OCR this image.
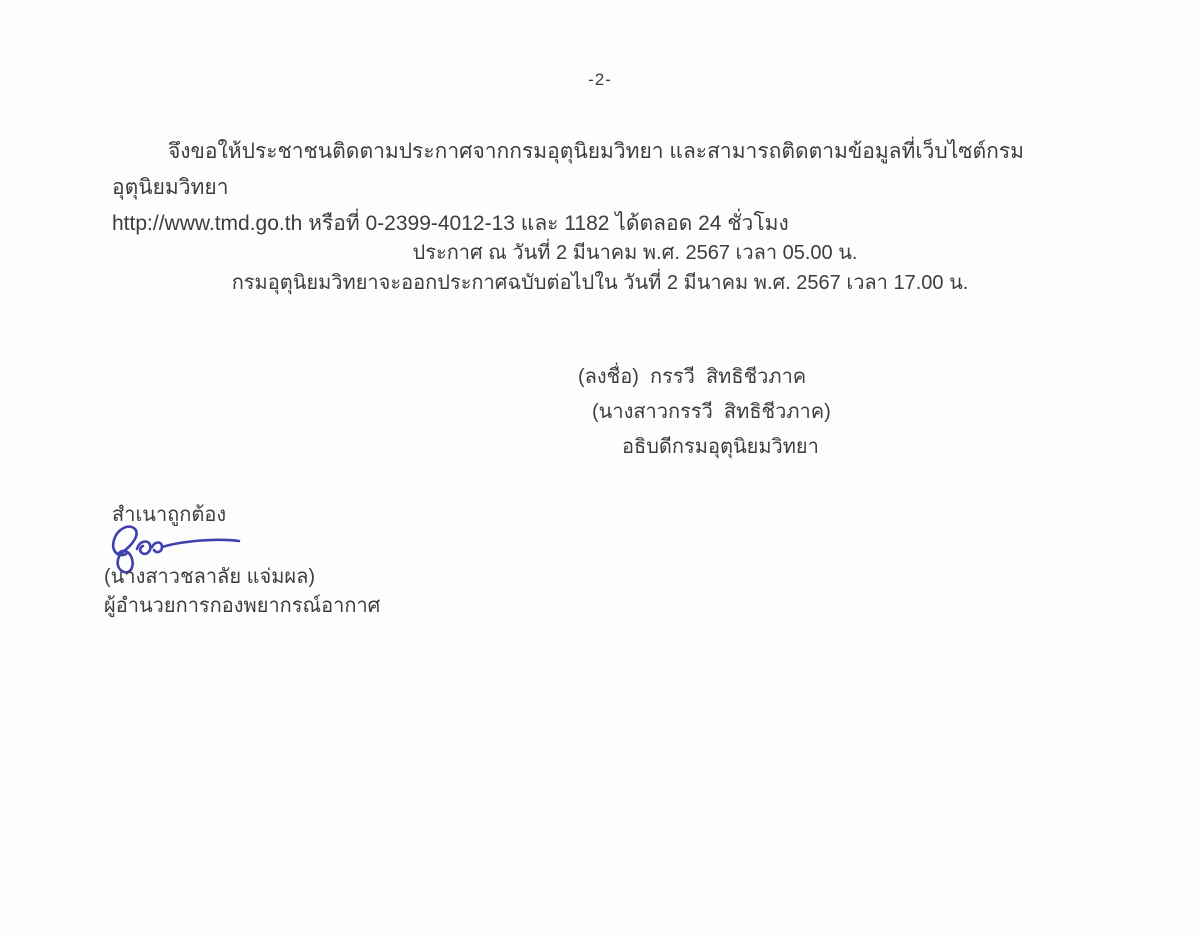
-2-
จึงขอให้ประชาชนติดตามประกาศจากกรมอุตุนิยมวิทยา และสามารถติดตามข้อมูลที่เว็บไซต์กรมอุตุนิยมวิทยา
http://www.tmd.go.th หรือที่ 0-2399-4012-13 และ 1182 ได้ตลอด 24 ชั่วโมง
ประกาศ ณ วันที่ 2 มีนาคม พ.ศ. 2567 เวลา 05.00 น.
กรมอุตุนิยมวิทยาจะออกประกาศฉบับต่อไปใน วันที่ 2 มีนาคม พ.ศ. 2567 เวลา 17.00 น.
(ลงชื่อ)  กรรวี  สิทธิชีวภาค
(นางสาวกรรวี  สิทธิชีวภาค)
อธิบดีกรมอุตุนิยมวิทยา
สำเนาถูกต้อง
(นางสาวชลาลัย แจ่มผล)
ผู้อำนวยการกองพยากรณ์อากาศ
